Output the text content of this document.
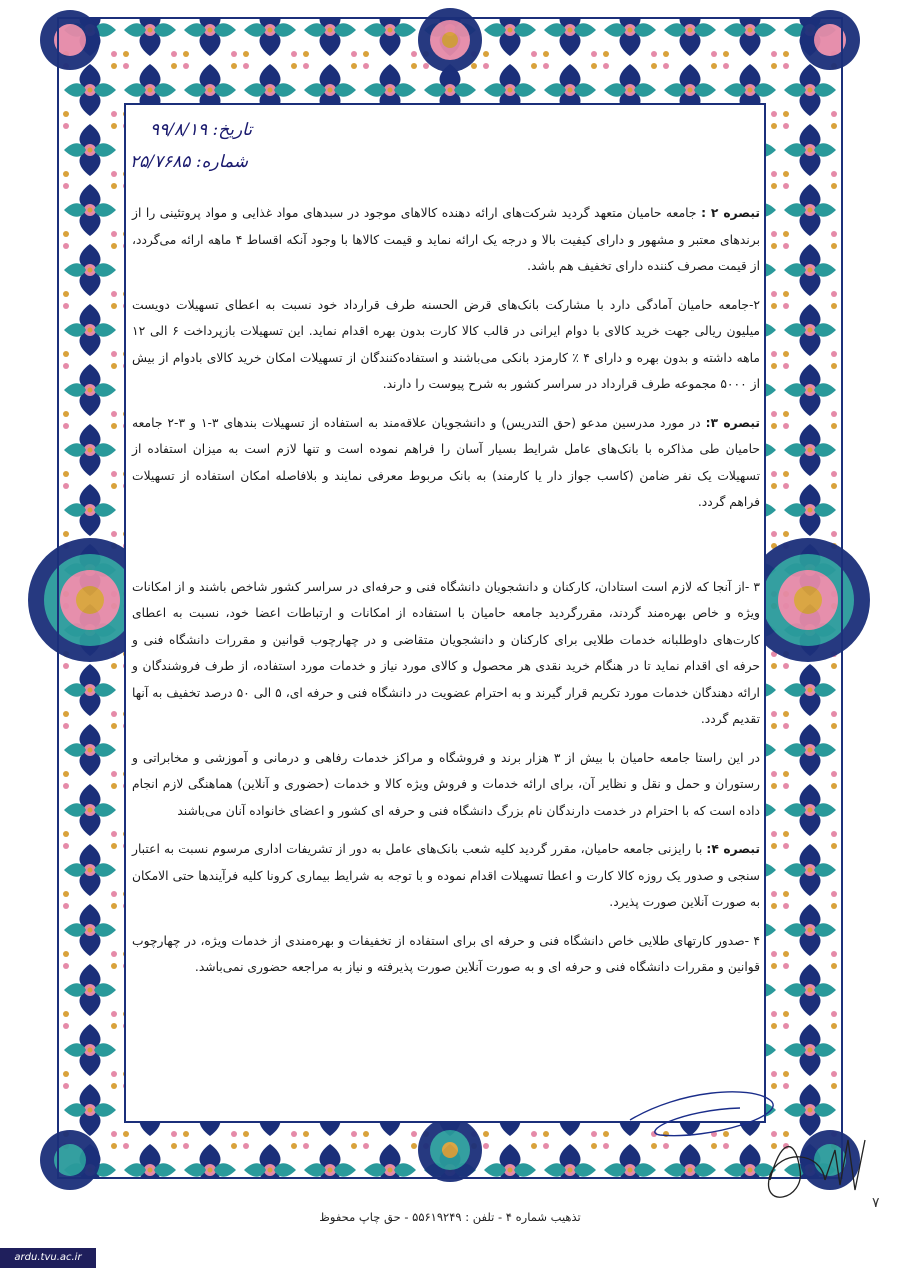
تاریخ: ۹۹/۸/۱۹
شماره: ۲۵/۷۶۸۵

تبصره ۲ : جامعه حامیان متعهد گردید شرکت‌های ارائه دهنده کالاهای موجود در سبدهای مواد غذایی و مواد پروتئینی را از برندهای معتبر و مشهور و دارای کیفیت بالا و درجه یک ارائه نماید و قیمت کالاها با وجود آنکه اقساط ۴ ماهه ارائه می‌گردد، از قیمت مصرف کننده دارای تخفیف هم باشد.

۲-جامعه حامیان آمادگی دارد با مشارکت بانک‌های قرض الحسنه طرف قرارداد خود نسبت به اعطای تسهیلات دویست میلیون ریالی جهت خرید کالای با دوام ایرانی در قالب کالا کارت بدون بهره اقدام نماید. این تسهیلات بازپرداخت ۶ الی ۱۲ ماهه داشته و بدون بهره و دارای ۴ ٪ کارمزد بانکی می‌باشند و استفاده‌کنندگان از تسهیلات امکان خرید کالای بادوام از بیش از ۵۰۰۰ مجموعه طرف قرارداد در سراسر کشور به شرح پیوست را دارند.

تبصره ۳: در مورد مدرسین مدعو (حق التدریس) و دانشجویان علاقه‌مند به استفاده از تسهیلات بندهای ۳-۱ و ۳-۲ جامعه حامیان طی مذاکره با بانک‌های عامل شرایط بسیار آسان را فراهم نموده است و تنها لازم است به میزان استفاده از تسهیلات یک نفر ضامن (کاسب جواز دار یا کارمند) به بانک مربوط معرفی نمایند و بلافاصله امکان استفاده از تسهیلات فراهم گردد.

۳ -از آنجا که لازم است استادان، کارکنان و دانشجویان دانشگاه فنی و حرفه‌ای در سراسر کشور شاخص باشند و از امکانات ویژه و خاص بهره‌مند گردند، مقررگردید جامعه حامیان با استفاده از امکانات و ارتباطات اعضا خود، نسبت به اعطای کارت‌های داوطلبانه خدمات طلایی برای کارکنان و دانشجویان متقاضی و در چهارچوب قوانین و مقررات دانشگاه فنی و حرفه ای اقدام نماید تا در هنگام خرید نقدی هر محصول و کالای مورد نیاز و خدمات مورد استفاده، از طرف فروشندگان و ارائه دهندگان خدمات مورد تکریم قرار گیرند و به احترام عضویت در دانشگاه فنی و حرفه ای، ۵ الی ۵۰ درصد تخفیف به آنها تقدیم گردد.

در این راستا جامعه حامیان با بیش از ۳ هزار برند و فروشگاه و مراکز خدمات رفاهی و درمانی و آموزشی و مخابراتی و رستوران و حمل و نقل و نظایر آن، برای ارائه خدمات و فروش ویژه کالا و خدمات (حضوری و آنلاین) هماهنگی لازم انجام داده است که با احترام در خدمت دارندگان نام بزرگ دانشگاه فنی و حرفه ای کشور و اعضای خانواده آنان می‌باشند

تبصره ۴: با رایزنی جامعه حامیان، مقرر گردید کلیه شعب بانک‌های عامل به دور از تشریفات اداری مرسوم نسبت به اعتبار سنجی و صدور یک روزه کالا کارت و اعطا تسهیلات اقدام نموده و با توجه به شرایط بیماری کرونا کلیه فرآیندها حتی الامکان به صورت آنلاین صورت پذیرد.

۴ -صدور کارتهای طلایی خاص دانشگاه فنی و حرفه ای برای استفاده از تخفیفات و بهره‌مندی از خدمات ویژه، در چهارچوب قوانین و مقررات دانشگاه فنی و حرفه ای و به صورت آنلاین صورت پذیرفته و نیاز به مراجعه حضوری نمی‌باشد.

٧
تذهیب شماره ۴ - تلفن : ۵۵۶۱۹۲۴۹ - حق چاپ محفوظ
ardu.tvu.ac.ir
